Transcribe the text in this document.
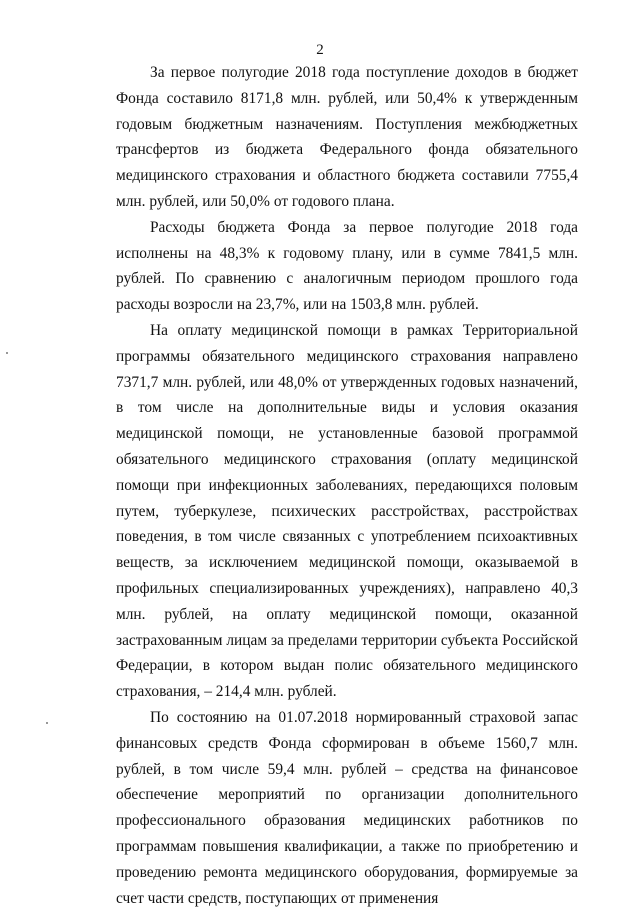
2

За первое полугодие 2018 года поступление доходов в бюджет Фонда составило 8171,8 млн. рублей, или 50,4% к утвержденным годовым бюджетным назначениям. Поступления межбюджетных трансфертов из бюджета Федерального фонда обязательного медицинского страхования и областного бюджета составили 7755,4 млн. рублей, или 50,0% от годового плана.

Расходы бюджета Фонда за первое полугодие 2018 года исполнены на 48,3% к годовому плану, или в сумме 7841,5 млн. рублей. По сравнению с аналогичным периодом прошлого года расходы возросли на 23,7%, или на 1503,8 млн. рублей.

На оплату медицинской помощи в рамках Территориальной программы обязательного медицинского страхования направлено 7371,7 млн. рублей, или 48,0% от утвержденных годовых назначений, в том числе на дополнительные виды и условия оказания медицинской помощи, не установленные базовой программой обязательного медицинского страхования (оплату медицинской помощи при инфекционных заболеваниях, передающихся половым путем, туберкулезе, психических расстройствах, расстройствах поведения, в том числе связанных с употреблением психоактивных веществ, за исключением медицинской помощи, оказываемой в профильных специализированных учреждениях), направлено 40,3 млн. рублей, на оплату медицинской помощи, оказанной застрахованным лицам за пределами территории субъекта Российской Федерации, в котором выдан полис обязательного медицинского страхования, – 214,4 млн. рублей.

По состоянию на 01.07.2018 нормированный страховой запас финансовых средств Фонда сформирован в объеме 1560,7 млн. рублей, в том числе 59,4 млн. рублей – средства на финансовое обеспечение мероприятий по организации дополнительного профессионального образования медицинских работников по программам повышения квалификации, а также по приобретению и проведению ремонта медицинского оборудования, формируемые за счет части средств, поступающих от применения
